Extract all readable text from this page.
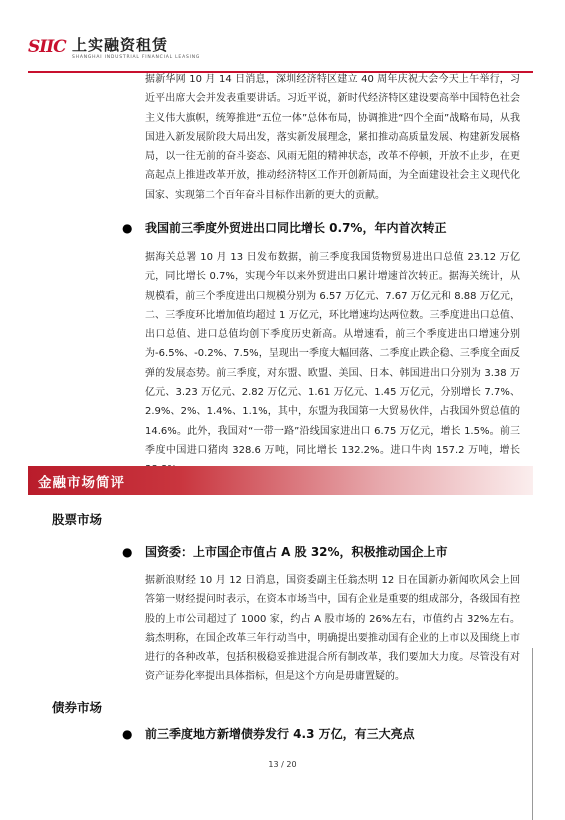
SIIC 上实融资租赁
SHANGHAI INDUSTRIAL FINANCIAL LEASING

据新华网 10 月 14 日消息，深圳经济特区建立 40 周年庆祝大会今天上午举行，习近平出席大会并发表重要讲话。习近平说，新时代经济特区建设要高举中国特色社会主义伟大旗帜，统筹推进“五位一体”总体布局，协调推进“四个全面”战略布局，从我国进入新发展阶段大局出发，落实新发展理念，紧扣推动高质量发展、构建新发展格局，以一往无前的奋斗姿态、风雨无阻的精神状态，改革不停顿，开放不止步，在更高起点上推进改革开放，推动经济特区工作开创新局面，为全面建设社会主义现代化国家、实现第二个百年奋斗目标作出新的更大的贡献。

● 我国前三季度外贸进出口同比增长 0.7%，年内首次转正

据海关总署 10 月 13 日发布数据，前三季度我国货物贸易进出口总值 23.12 万亿元，同比增长 0.7%，实现今年以来外贸进出口累计增速首次转正。据海关统计，从规模看，前三个季度进出口规模分别为 6.57 万亿元、7.67 万亿元和 8.88 万亿元，二、三季度环比增加值均超过 1 万亿元，环比增速均达两位数。三季度进出口总值、出口总值、进口总值均创下季度历史新高。从增速看，前三个季度进出口增速分别为-6.5%、-0.2%、7.5%，呈现出一季度大幅回落、二季度止跌企稳、三季度全面反弹的发展态势。前三季度，对东盟、欧盟、美国、日本、韩国进出口分别为 3.38 万亿元、3.23 万亿元、2.82 万亿元、1.61 万亿元、1.45 万亿元，分别增长 7.7%、2.9%、2%、1.4%、1.1%，其中，东盟为我国第一大贸易伙伴，占我国外贸总值的 14.6%。此外，我国对“一带一路”沿线国家进出口 6.75 万亿元，增长 1.5%。前三季度中国进口猪肉 328.6 万吨，同比增长 132.2%。进口牛肉 157.2 万吨，增长

金融市场简评

股票市场

● 国资委：上市国企市值占 A 股 32%，积极推动国企上市

据新浪财经 10 月 12 日消息，国资委副主任翁杰明 12 日在国新办新闻吹风会上回答第一财经提问时表示，在资本市场当中，国有企业是重要的组成部分，各级国有控股的上市公司超过了 1000 家，约占 A 股市场的 26%左右，市值约占 32%左右。翁杰明称，在国企改革三年行动当中，明确提出要推动国有企业的上市以及围绕上市进行的各种改革，包括积极稳妥推进混合所有制改革，我们要加大力度。尽管没有对资产证券化率提出具体指标，但是这个方向是毋庸置疑的。

债券市场

● 前三季度地方新增债券发行 4.3 万亿，有三大亮点

13 / 20
